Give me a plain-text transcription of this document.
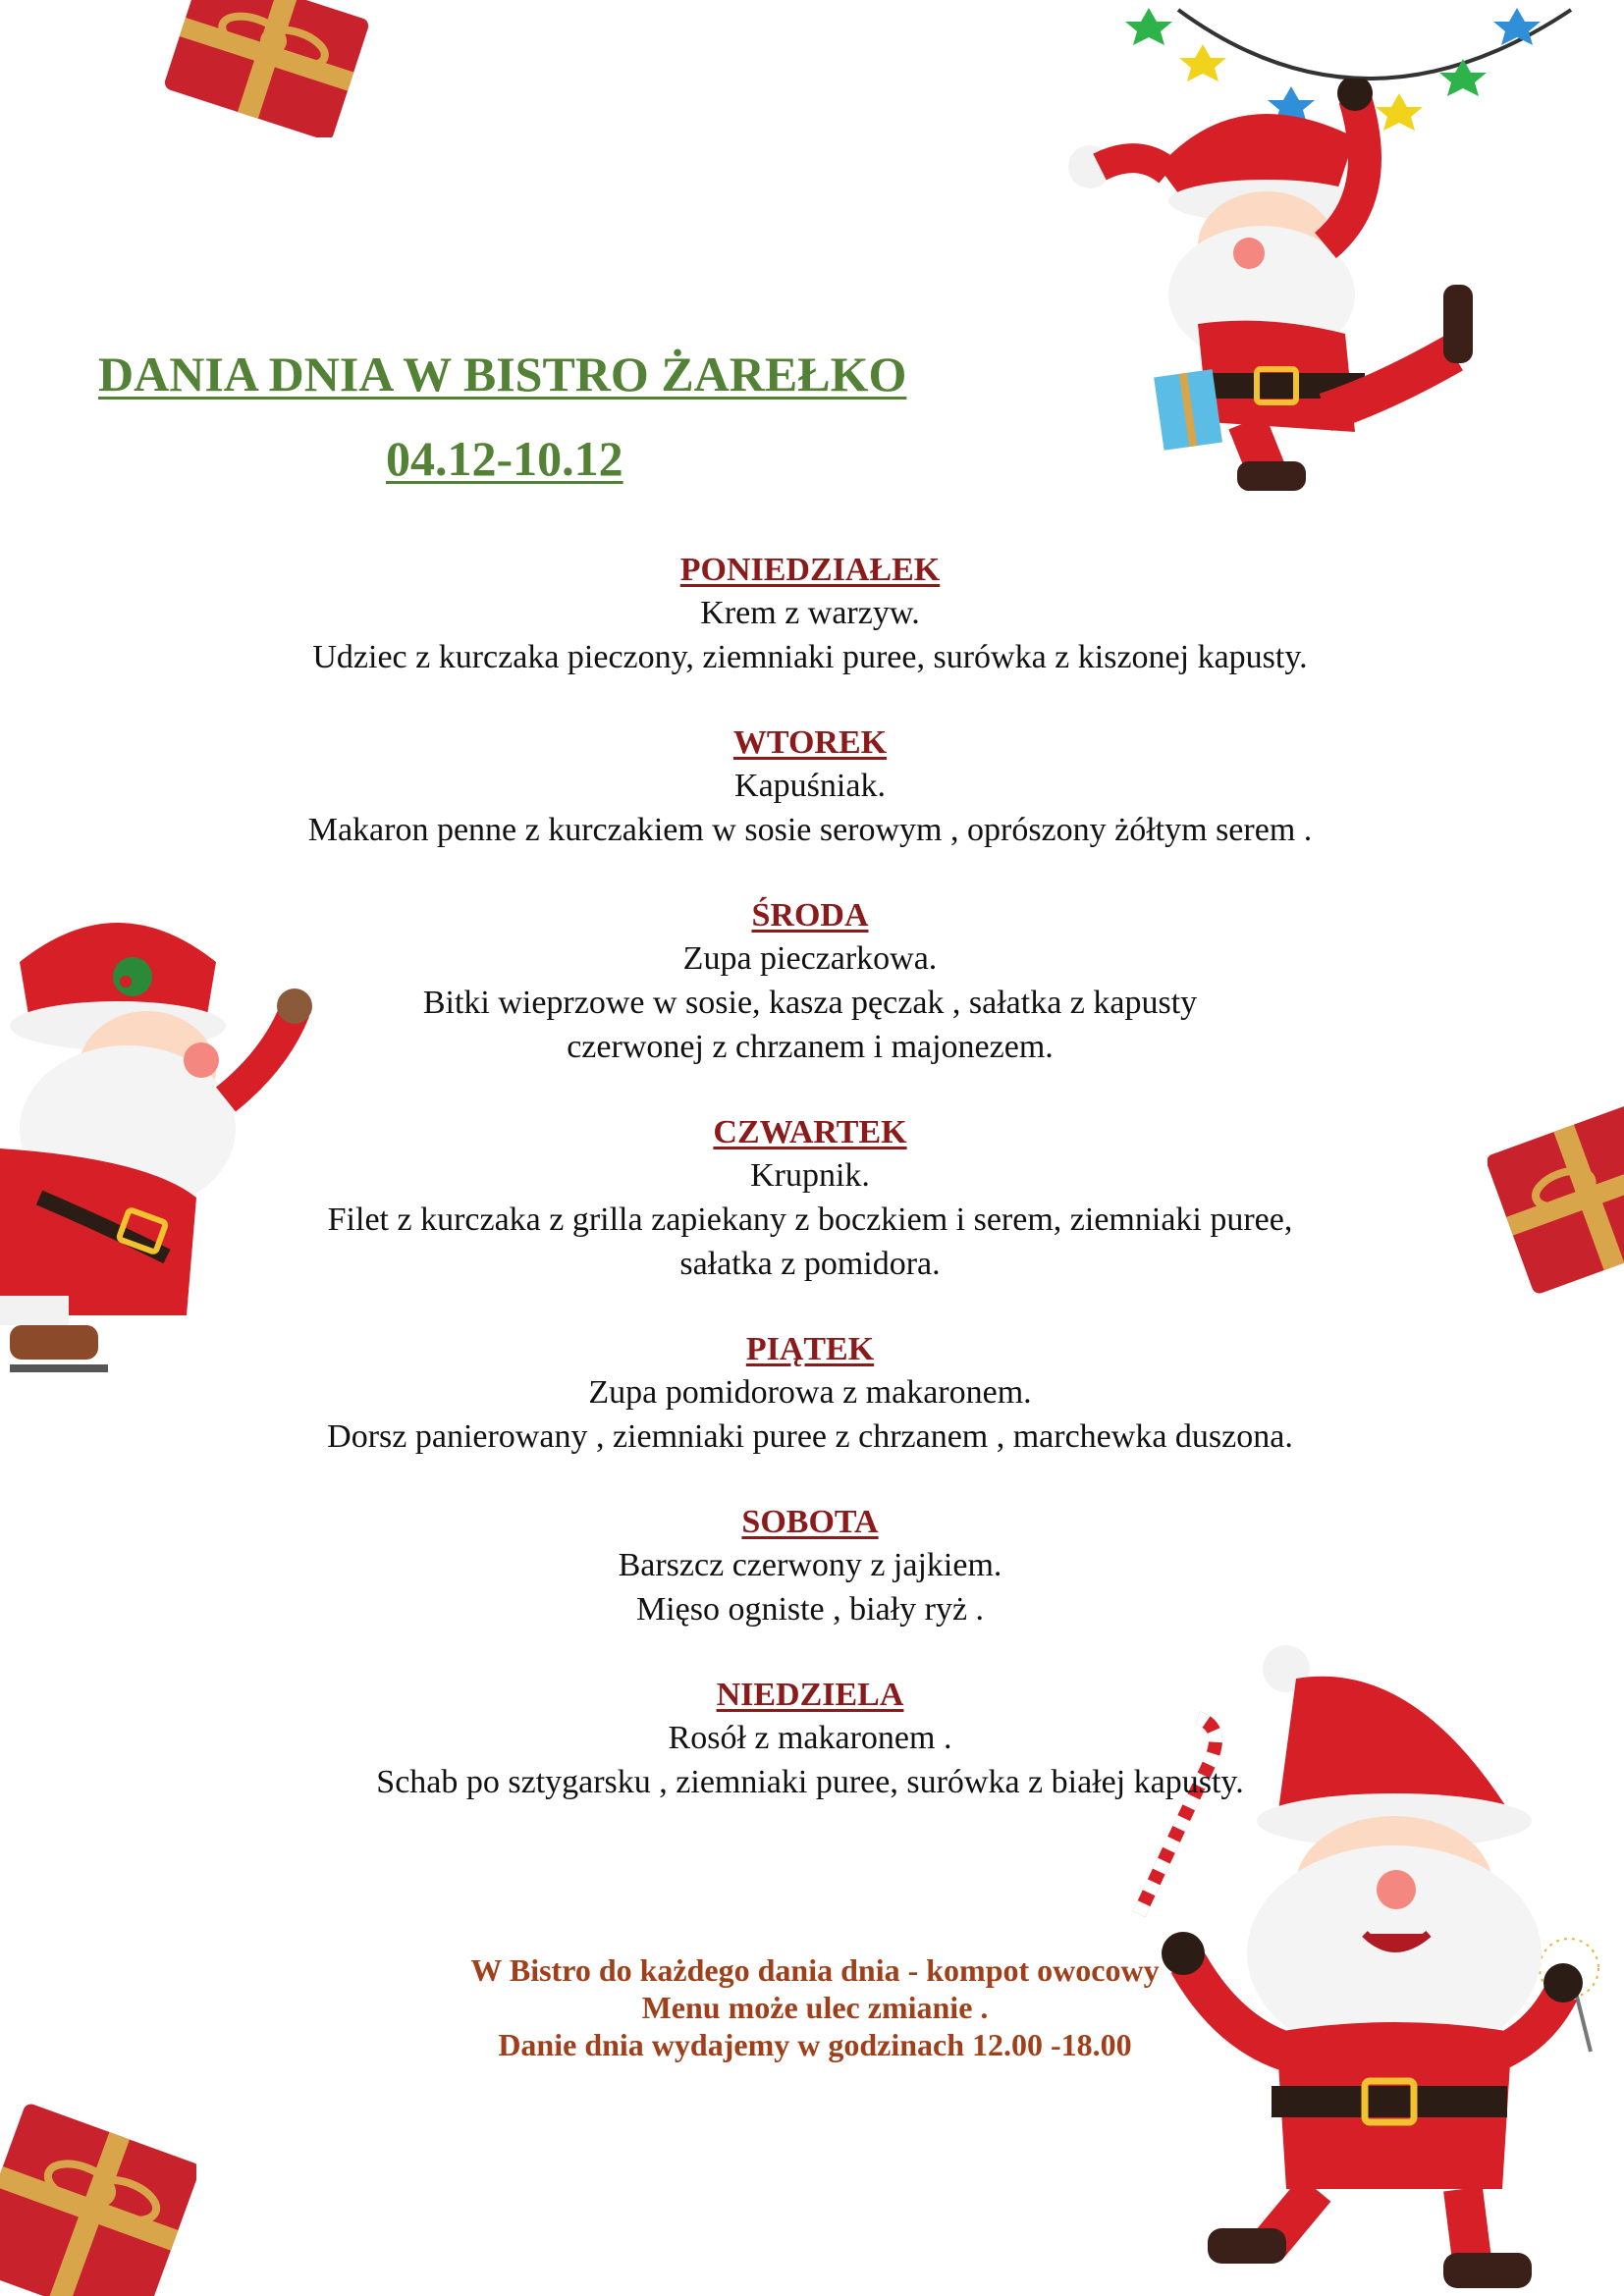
DANIA DNIA W BISTRO ŻAREŁKO
04.12-10.12
PONIEDZIAŁEK
Krem z warzyw.
Udziec z kurczaka pieczony, ziemniaki puree, surówka z kiszonej kapusty.
WTOREK
Kapuśniak.
Makaron penne z kurczakiem w sosie serowym , oprószony żółtym serem .
ŚRODA
Zupa pieczarkowa.
Bitki wieprzowe w sosie, kasza pęczak , sałatka z kapusty
czerwonej z chrzanem i majonezem.
CZWARTEK
Krupnik.
Filet z kurczaka z grilla zapiekany z boczkiem i serem, ziemniaki puree,
sałatka z pomidora.
PIĄTEK
Zupa pomidorowa z makaronem.
Dorsz panierowany , ziemniaki puree z chrzanem , marchewka duszona.
SOBOTA
Barszcz czerwony z jajkiem.
Mięso ogniste , biały ryż .
NIEDZIELA
Rosół z makaronem .
Schab po sztygarsku , ziemniaki puree, surówka z białej kapusty.
W Bistro do każdego dania dnia - kompot owocowy
Menu może ulec zmianie .
Danie dnia wydajemy w godzinach 12.00 -18.00
